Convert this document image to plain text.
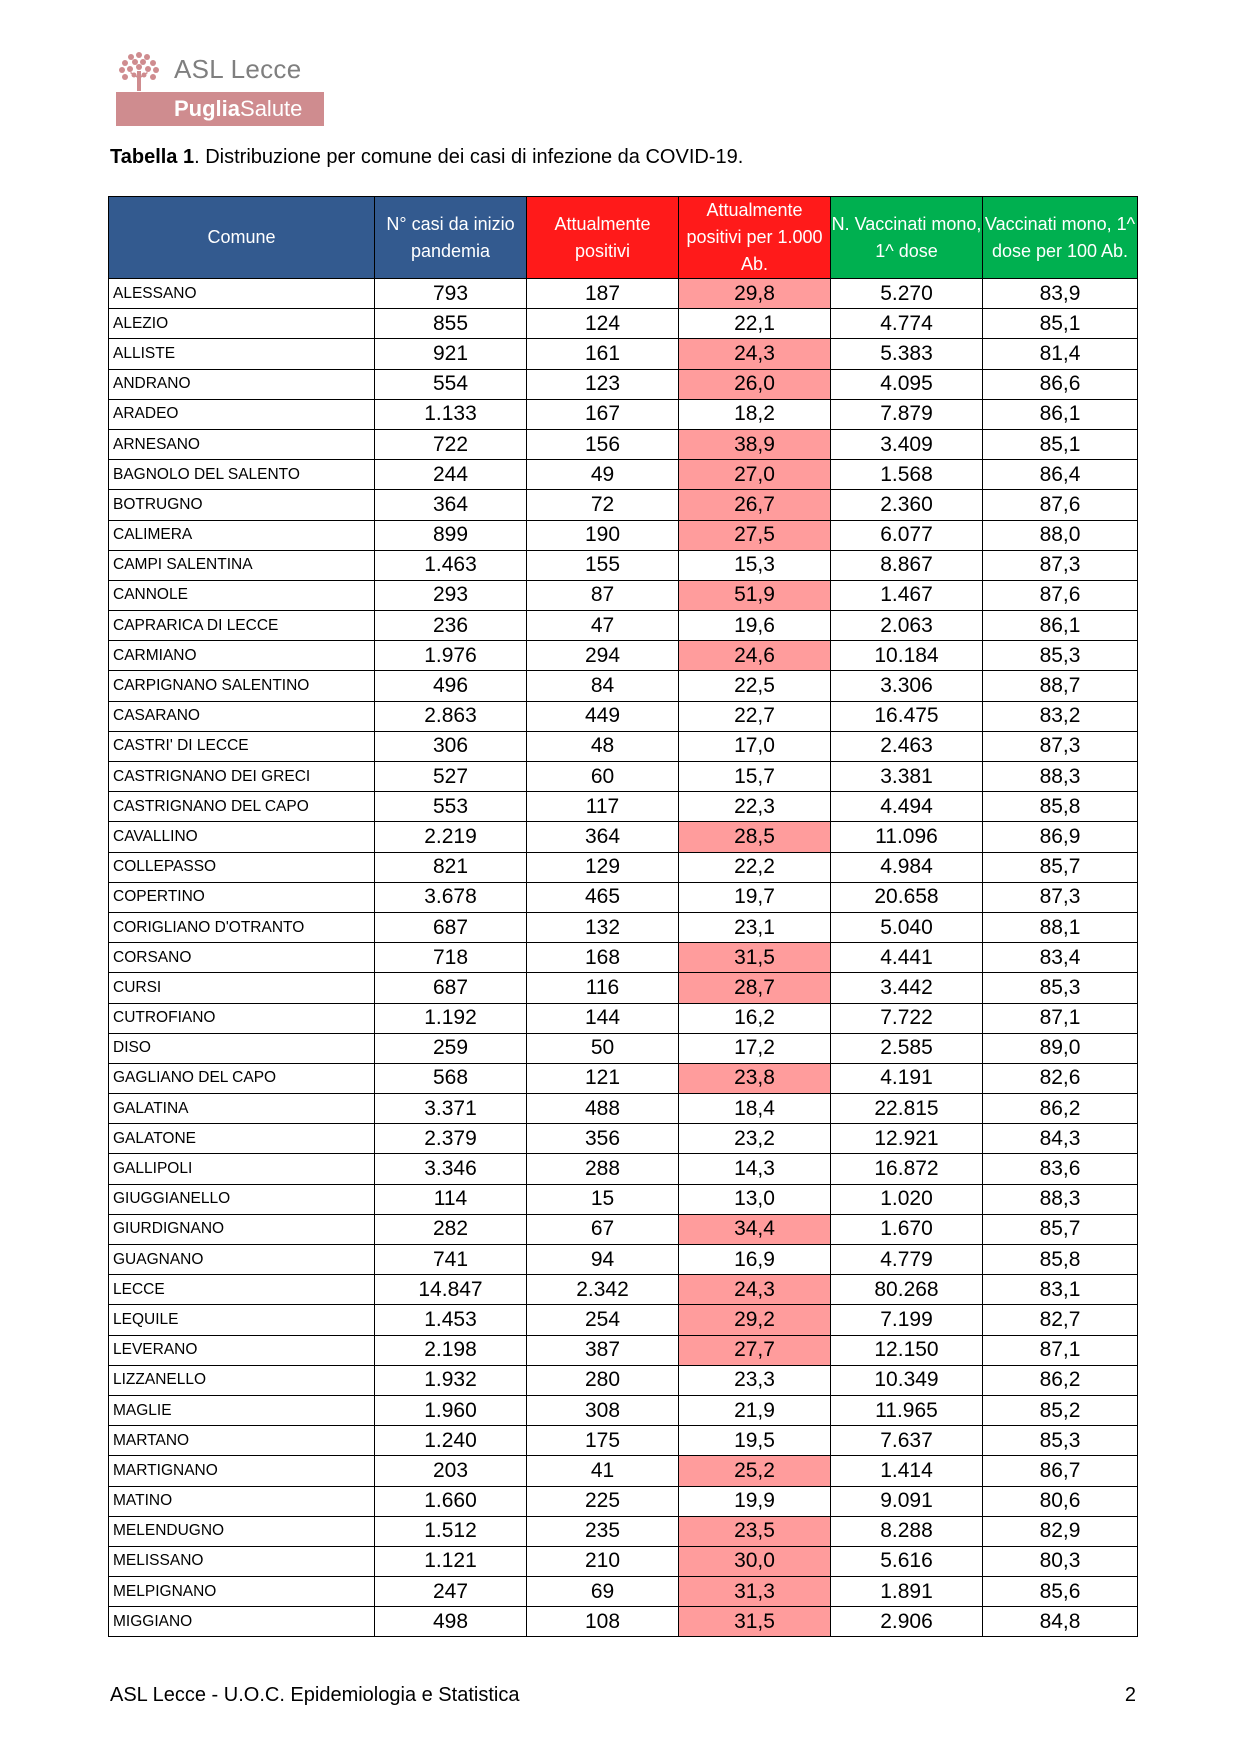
ASL Lecce
PugliaSalute
Tabella 1. Distribuzione per comune dei casi di infezione da COVID-19.
Comune	N° casi da inizio pandemia	Attualmente positivi	Attualmente positivi per 1.000 Ab.	N. Vaccinati mono, 1^ dose	Vaccinati mono, 1^ dose per 100 Ab.
ALESSANO	793	187	29,8	5.270	83,9
ALEZIO	855	124	22,1	4.774	85,1
ALLISTE	921	161	24,3	5.383	81,4
ANDRANO	554	123	26,0	4.095	86,6
ARADEO	1.133	167	18,2	7.879	86,1
ARNESANO	722	156	38,9	3.409	85,1
BAGNOLO DEL SALENTO	244	49	27,0	1.568	86,4
BOTRUGNO	364	72	26,7	2.360	87,6
CALIMERA	899	190	27,5	6.077	88,0
CAMPI SALENTINA	1.463	155	15,3	8.867	87,3
CANNOLE	293	87	51,9	1.467	87,6
CAPRARICA DI LECCE	236	47	19,6	2.063	86,1
CARMIANO	1.976	294	24,6	10.184	85,3
CARPIGNANO SALENTINO	496	84	22,5	3.306	88,7
CASARANO	2.863	449	22,7	16.475	83,2
CASTRI' DI LECCE	306	48	17,0	2.463	87,3
CASTRIGNANO DEI GRECI	527	60	15,7	3.381	88,3
CASTRIGNANO DEL CAPO	553	117	22,3	4.494	85,8
CAVALLINO	2.219	364	28,5	11.096	86,9
COLLEPASSO	821	129	22,2	4.984	85,7
COPERTINO	3.678	465	19,7	20.658	87,3
CORIGLIANO D'OTRANTO	687	132	23,1	5.040	88,1
CORSANO	718	168	31,5	4.441	83,4
CURSI	687	116	28,7	3.442	85,3
CUTROFIANO	1.192	144	16,2	7.722	87,1
DISO	259	50	17,2	2.585	89,0
GAGLIANO DEL CAPO	568	121	23,8	4.191	82,6
GALATINA	3.371	488	18,4	22.815	86,2
GALATONE	2.379	356	23,2	12.921	84,3
GALLIPOLI	3.346	288	14,3	16.872	83,6
GIUGGIANELLO	114	15	13,0	1.020	88,3
GIURDIGNANO	282	67	34,4	1.670	85,7
GUAGNANO	741	94	16,9	4.779	85,8
LECCE	14.847	2.342	24,3	80.268	83,1
LEQUILE	1.453	254	29,2	7.199	82,7
LEVERANO	2.198	387	27,7	12.150	87,1
LIZZANELLO	1.932	280	23,3	10.349	86,2
MAGLIE	1.960	308	21,9	11.965	85,2
MARTANO	1.240	175	19,5	7.637	85,3
MARTIGNANO	203	41	25,2	1.414	86,7
MATINO	1.660	225	19,9	9.091	80,6
MELENDUGNO	1.512	235	23,5	8.288	82,9
MELISSANO	1.121	210	30,0	5.616	80,3
MELPIGNANO	247	69	31,3	1.891	85,6
MIGGIANO	498	108	31,5	2.906	84,8
ASL Lecce - U.O.C. Epidemiologia e Statistica	2
